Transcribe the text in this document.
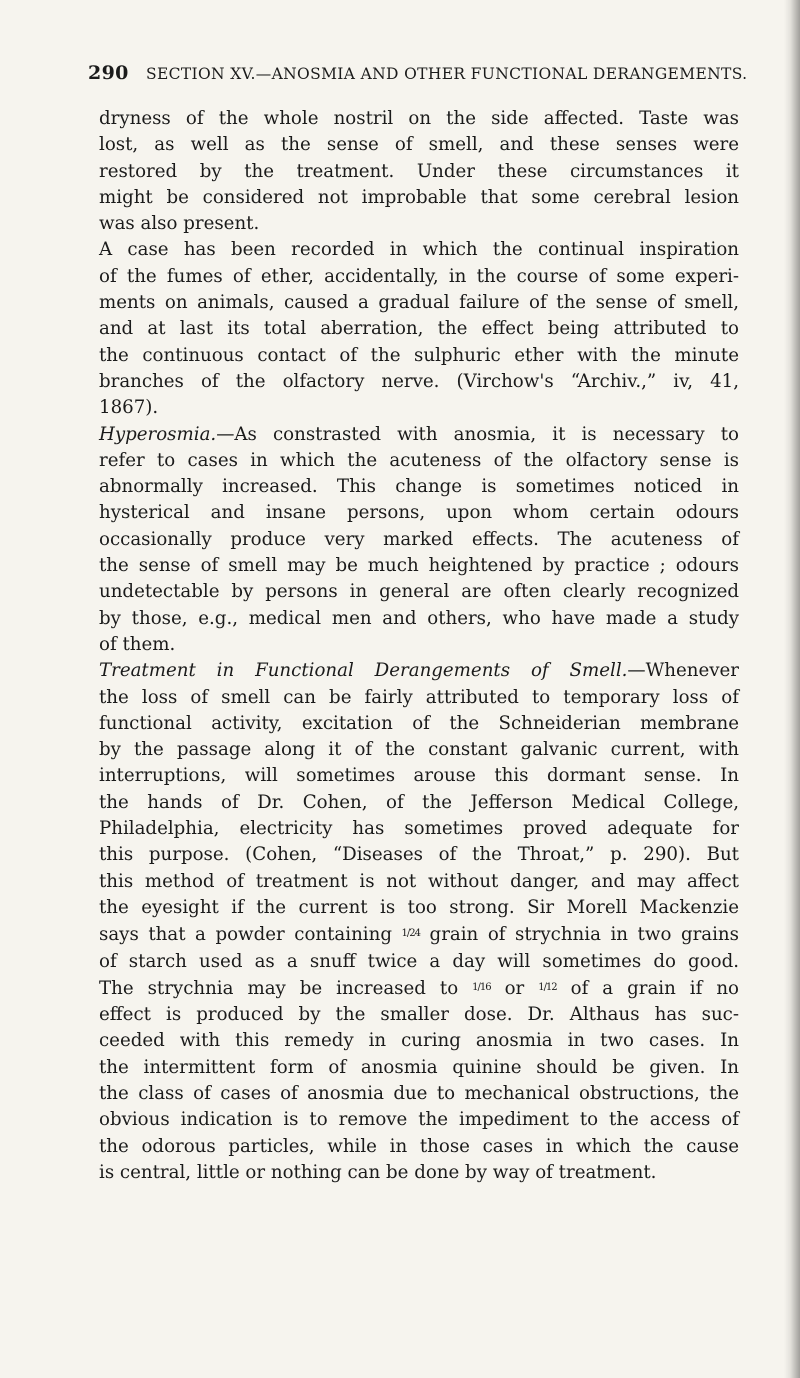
290 SECTION XV.—ANOSMIA AND OTHER FUNCTIONAL DERANGEMENTS.
dryness of the whole nostril on the side affected. Taste was
lost, as well as the sense of smell, and these senses were
restored by the treatment. Under these circumstances it
might be considered not improbable that some cerebral lesion
was also present.
A case has been recorded in which the continual inspiration
of the fumes of ether, accidentally, in the course of some experi-
ments on animals, caused a gradual failure of the sense of smell,
and at last its total aberration, the effect being attributed to
the continuous contact of the sulphuric ether with the minute
branches of the olfactory nerve. (Virchow's “Archiv.,” iv, 41,
1867).
Hyperosmia.—As constrasted with anosmia, it is necessary to
refer to cases in which the acuteness of the olfactory sense is
abnormally increased. This change is sometimes noticed in
hysterical and insane persons, upon whom certain odours
occasionally produce very marked effects. The acuteness of
the sense of smell may be much heightened by practice ; odours
undetectable by persons in general are often clearly recognized
by those, e.g., medical men and others, who have made a study
of them.
Treatment in Functional Derangements of Smell.—Whenever
the loss of smell can be fairly attributed to temporary loss of
functional activity, excitation of the Schneiderian membrane
by the passage along it of the constant galvanic current, with
interruptions, will sometimes arouse this dormant sense. In
the hands of Dr. Cohen, of the Jefferson Medical College,
Philadelphia, electricity has sometimes proved adequate for
this purpose. (Cohen, “Diseases of the Throat,” p. 290). But
this method of treatment is not without danger, and may affect
the eyesight if the current is too strong. Sir Morell Mackenzie
says that a powder containing $^{1/24}$ grain of strychnia in two grains
of starch used as a snuff twice a day will sometimes do good.
The strychnia may be increased to $^{1/16}$ or $^{1/12}$ of a grain if no
effect is produced by the smaller dose. Dr. Althaus has suc-
ceeded with this remedy in curing anosmia in two cases. In
the intermittent form of anosmia quinine should be given. In
the class of cases of anosmia due to mechanical obstructions, the
obvious indication is to remove the impediment to the access of
the odorous particles, while in those cases in which the cause
is central, little or nothing can be done by way of treatment.
